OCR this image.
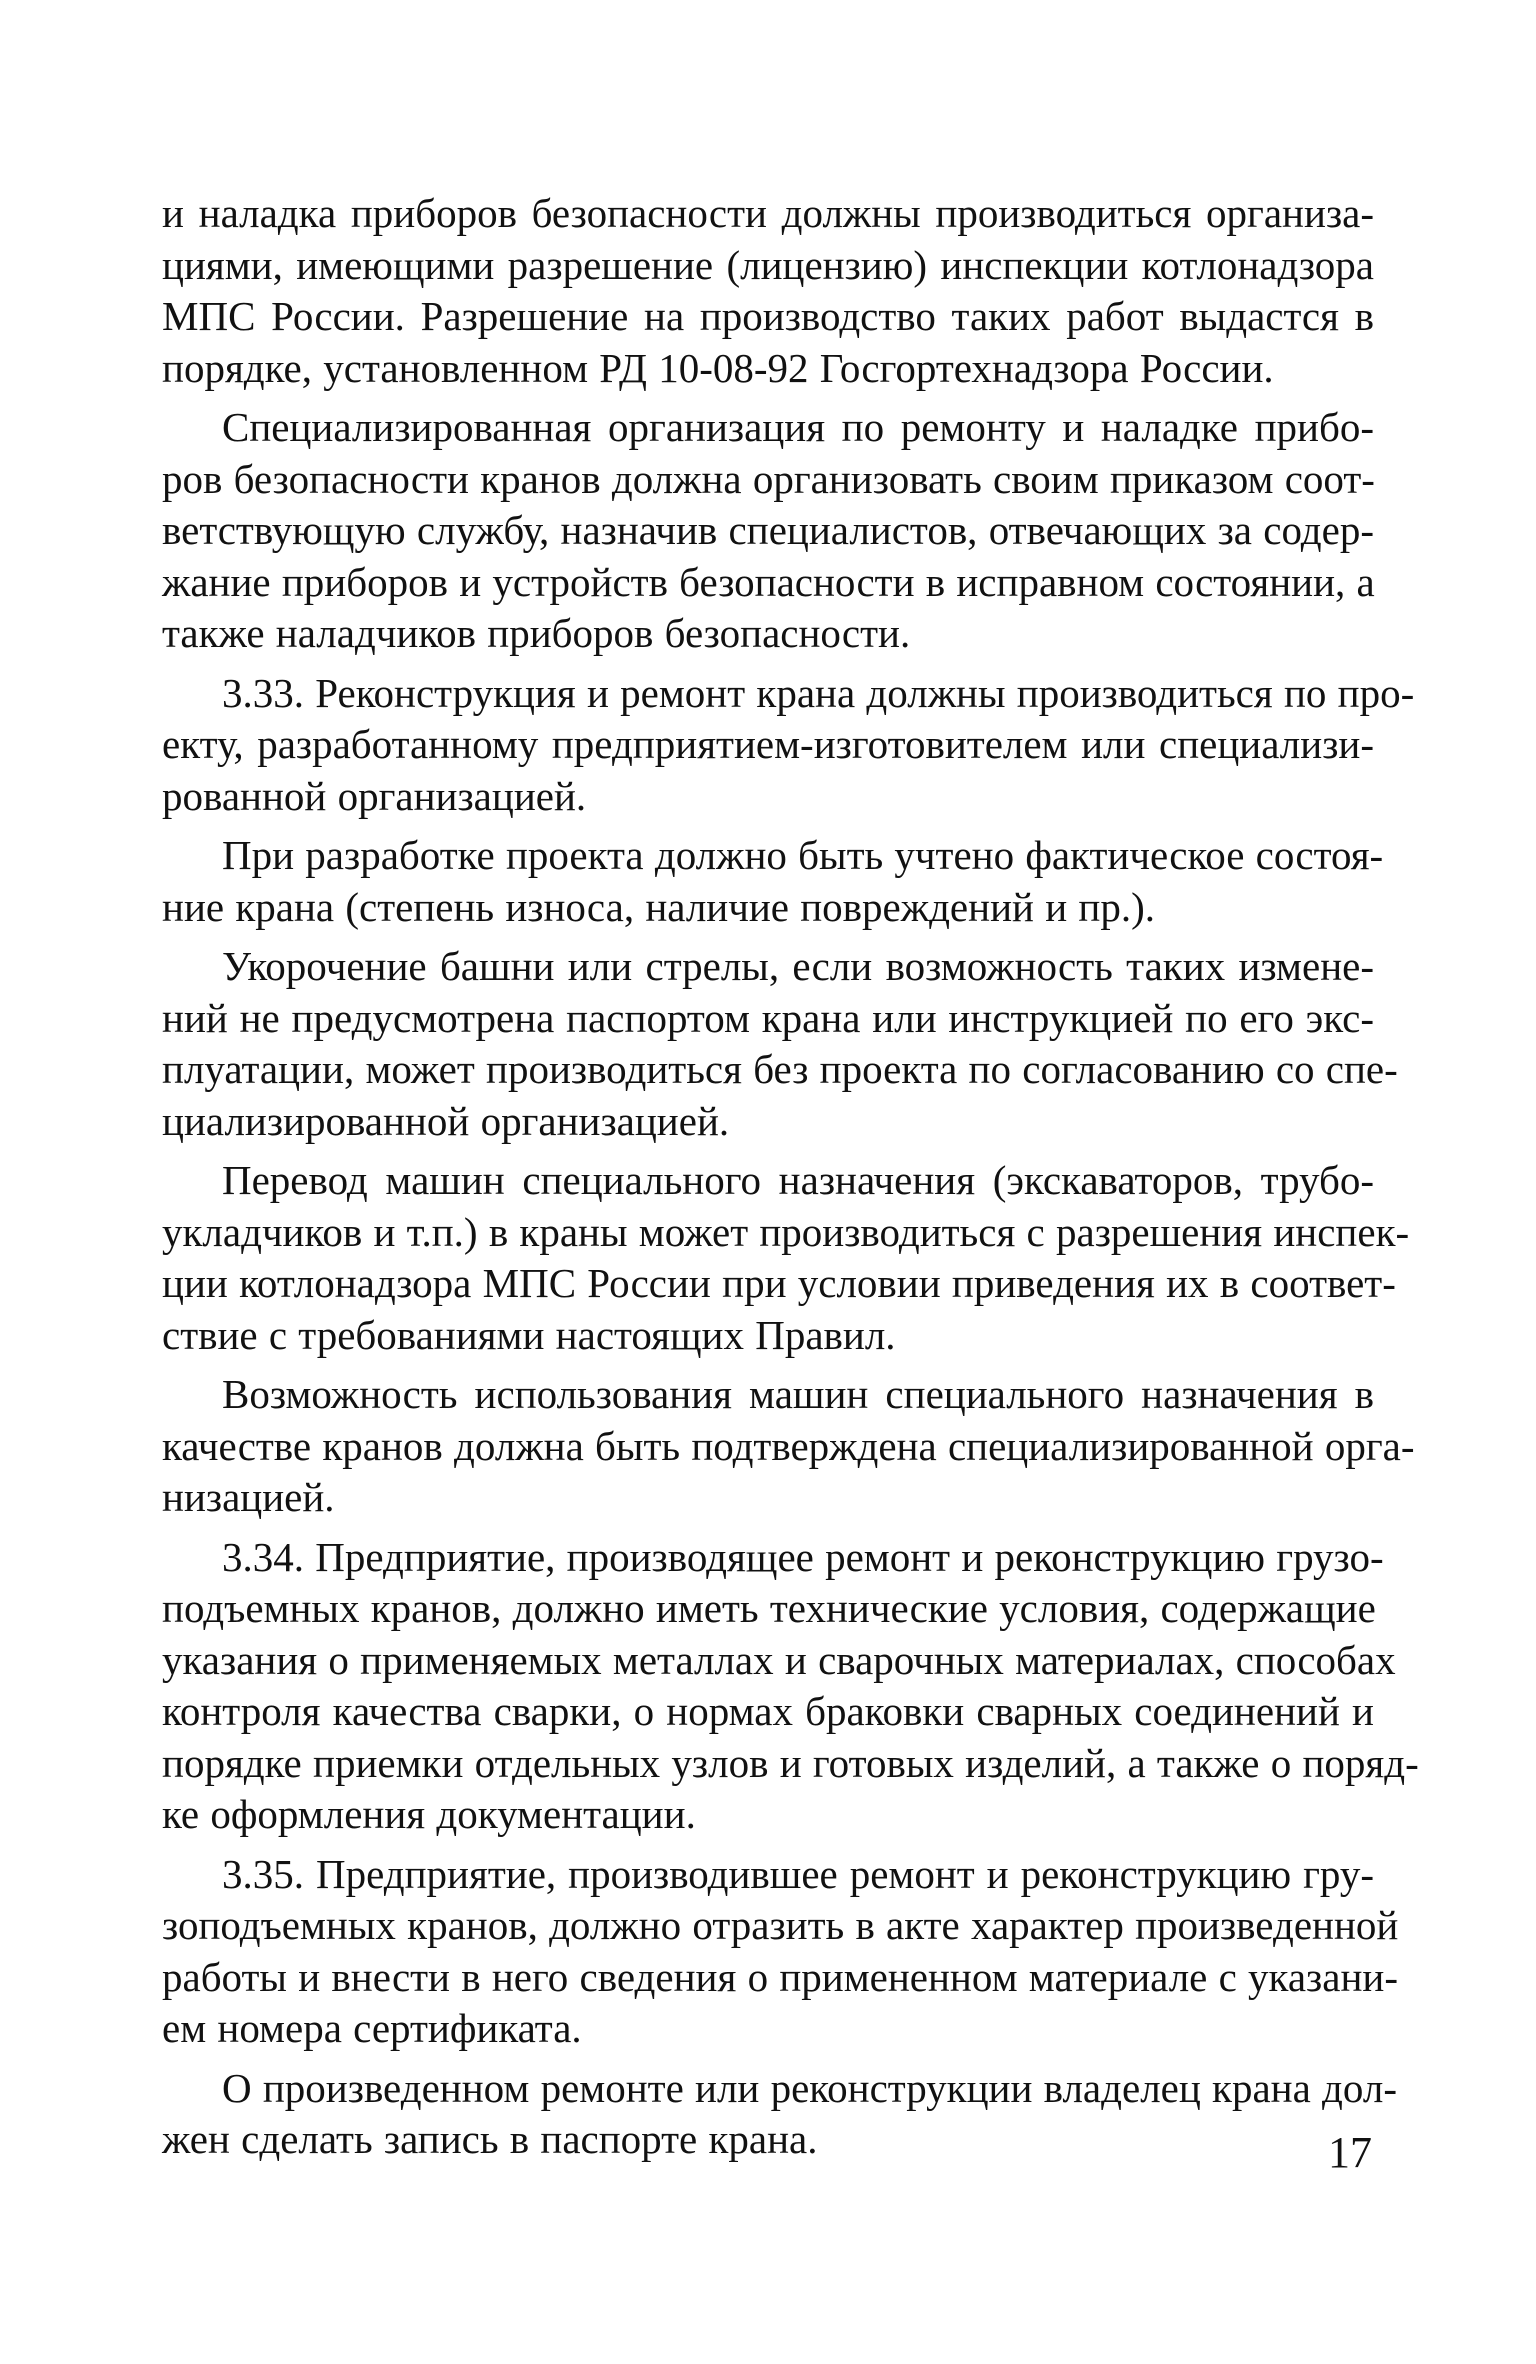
и наладка приборов безопасности должны производиться организа-
циями, имеющими разрешение (лицензию) инспекции котлонадзора
МПС России. Разрешение на производство таких работ выдастся в
порядке, установленном РД 10-08-92 Госгортехнадзора России.
Специализированная организация по ремонту и наладке прибо-
ров безопасности кранов должна организовать своим приказом соот-
ветствующую службу, назначив специалистов, отвечающих за содер-
жание приборов и устройств безопасности в исправном состоянии, а
также наладчиков приборов безопасности.
3.33. Реконструкция и ремонт крана должны производиться по про-
екту, разработанному предприятием-изготовителем или специализи-
рованной организацией.
При разработке проекта должно быть учтено фактическое состоя-
ние крана (степень износа, наличие повреждений и пр.).
Укорочение башни или стрелы, если возможность таких измене-
ний не предусмотрена паспортом крана или инструкцией по его экс-
плуатации, может производиться без проекта по согласованию со спе-
циализированной организацией.
Перевод машин специального назначения (экскаваторов, трубо-
укладчиков и т.п.) в краны может производиться с разрешения инспек-
ции котлонадзора МПС России при условии приведения их в соответ-
ствие с требованиями настоящих Правил.
Возможность использования машин специального назначения в
качестве кранов должна быть подтверждена специализированной орга-
низацией.
3.34. Предприятие, производящее ремонт и реконструкцию грузо-
подъемных кранов, должно иметь технические условия, содержащие
указания о применяемых металлах и сварочных материалах, способах
контроля качества сварки, о нормах браковки сварных соединений и
порядке приемки отдельных узлов и готовых изделий, а также о поряд-
ке оформления документации.
3.35. Предприятие, производившее ремонт и реконструкцию гру-
зоподъемных кранов, должно отразить в акте характер произведенной
работы и внести в него сведения о примененном материале с указани-
ем номера сертификата.
О произведенном ремонте или реконструкции владелец крана дол-
жен сделать запись в паспорте крана.	17
